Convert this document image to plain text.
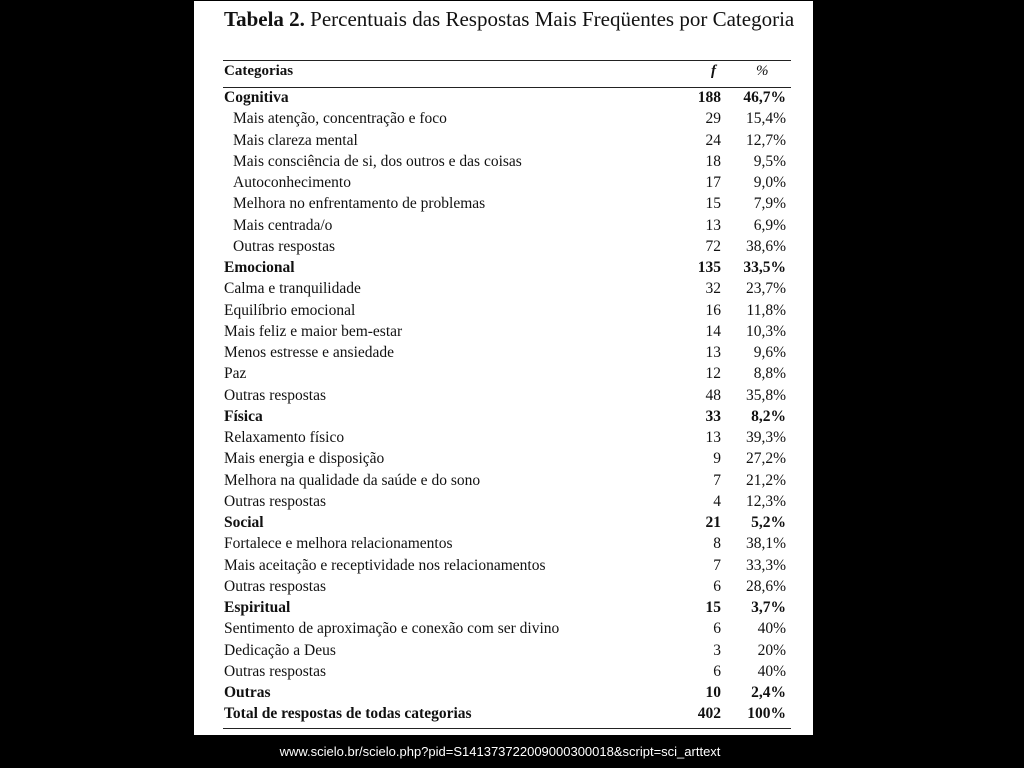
Tabela 2. Percentuais das Respostas Mais Freqüentes por Categoria
Categorias	f	%
Cognitiva	188 46,7%
Mais atenção, concentração e foco	29 15,4%
Mais clareza mental	24 12,7%
Mais consciência de si, dos outros e das coisas	18 9,5%
Autoconhecimento	17 9,0%
Melhora no enfrentamento de problemas	15 7,9%
Mais centrada/o	13 6,9%
Outras respostas	72 38,6%
Emocional	135 33,5%
Calma e tranquilidade	32 23,7%
Equilíbrio emocional	16 11,8%
Mais feliz e maior bem-estar	14 10,3%
Menos estresse e ansiedade	13 9,6%
Paz	12 8,8%
Outras respostas	48 35,8%
Física	33 8,2%
Relaxamento físico	13 39,3%
Mais energia e disposição	9 27,2%
Melhora na qualidade da saúde e do sono	7 21,2%
Outras respostas	4 12,3%
Social	21 5,2%
Fortalece e melhora relacionamentos	8 38,1%
Mais aceitação e receptividade nos relacionamentos	7 33,3%
Outras respostas	6 28,6%
Espiritual	15 3,7%
Sentimento de aproximação e conexão com ser divino	6 40%
Dedicação a Deus	3 20%
Outras respostas	6 40%
Outras	10 2,4%
Total de respostas de todas categorias	402 100%
www.scielo.br/scielo.php?pid=S141373722009000300018&script=sci_arttext
